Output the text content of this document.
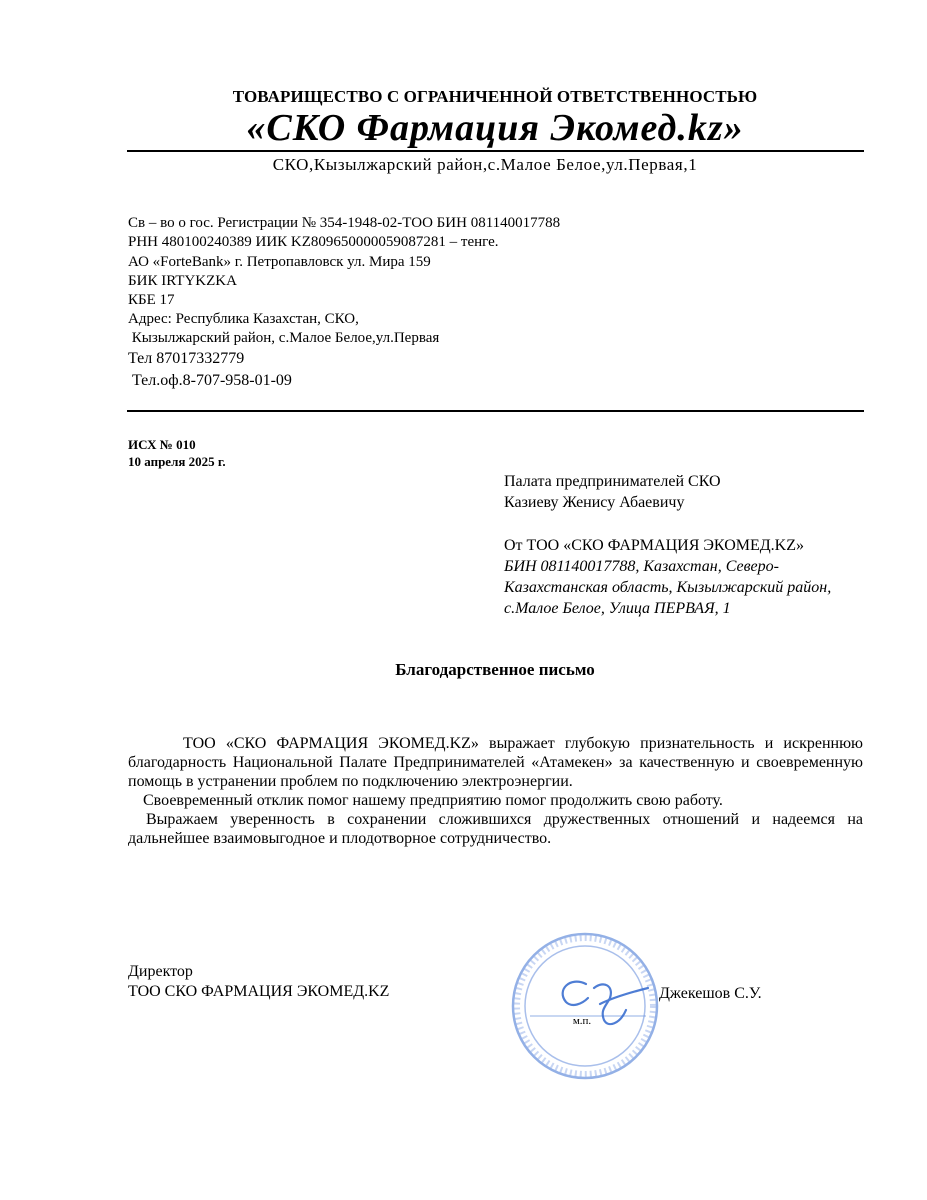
ТОВАРИЩЕСТВО С ОГРАНИЧЕННОЙ ОТВЕТСТВЕННОСТЬЮ
«СКО Фармация Экомед.kz»
СКО,Кызылжарский район,с.Малое Белое,ул.Первая,1
Св – во о гос. Регистрации № 354-1948-02-ТОО БИН 081140017788
РНН 480100240389 ИИК KZ809650000059087281 – тенге.
АО «ForteBank» г. Петропавловск ул. Мира 159
БИК IRTYKZKA
КБЕ 17
Адрес: Республика Казахстан, СКО,
Кызылжарский район, с.Малое Белое,ул.Первая
Тел 87017332779
Тел.оф.8-707-958-01-09
ИСХ № 010
10 апреля 2025 г.
Палата предпринимателей СКО
Казиеву Женису Абаевичу
От ТОО «СКО ФАРМАЦИЯ ЭКОМЕД.KZ»
БИН 081140017788, Казахстан, Северо-Казахстанская область, Кызылжарский район, с.Малое Белое, Улица ПЕРВАЯ, 1
Благодарственное письмо

ТОО «СКО ФАРМАЦИЯ ЭКОМЕД.KZ» выражает глубокую признательность и искреннюю благодарность Национальной Палате Предпринимателей «Атамекен» за качественную и своевременную помощь в устранении проблем по подключению электроэнергии.

Своевременный отклик помог нашему предприятию помог продолжить свою работу.

Выражаем уверенность в сохранении сложившихся дружественных отношений и надеемся на дальнейшее взаимовыгодное и плодотворное сотрудничество.

Директор
ТОО СКО ФАРМАЦИЯ ЭКОМЕД.KZ
м.п.
Джекешов С.У.
